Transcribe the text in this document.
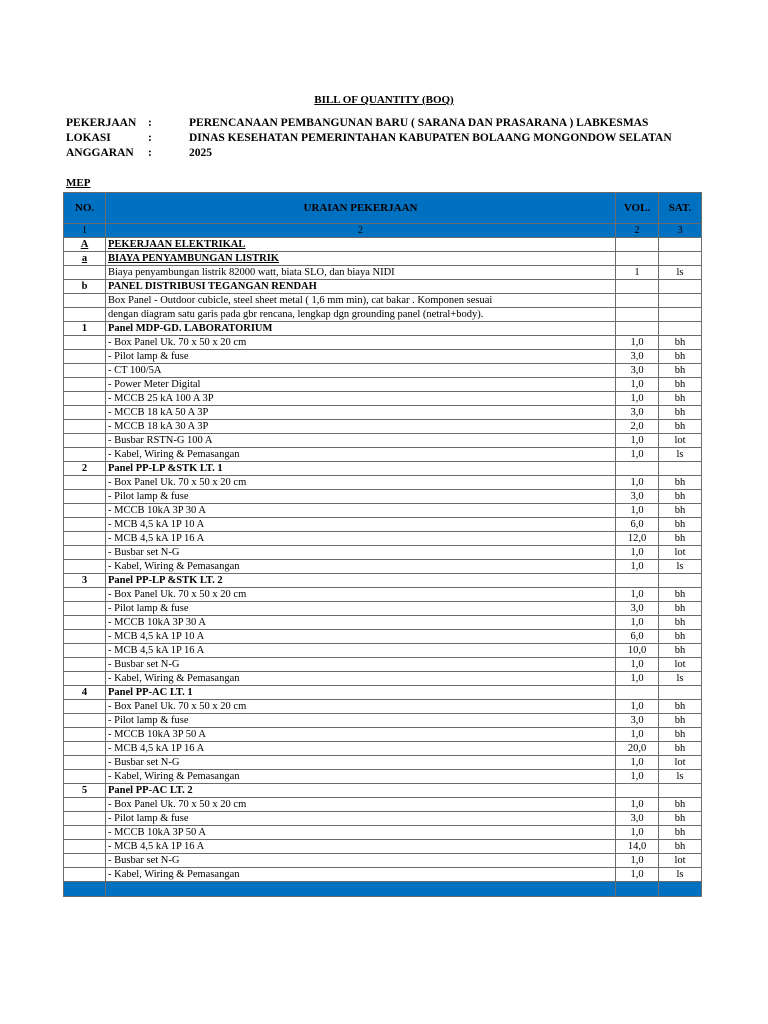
BILL OF QUANTITY (BOQ)
PEKERJAAN	:	PERENCANAAN PEMBANGUNAN BARU ( SARANA DAN PRASARANA ) LABKESMAS
LOKASI	:	DINAS KESEHATAN PEMERINTAHAN KABUPATEN BOLAANG MONGONDOW SELATAN
ANGGARAN	:	2025
MEP
NO.	URAIAN PEKERJAAN	VOL.	SAT.
1	2	2	3
A	PEKERJAAN ELEKTRIKAL		
a	BIAYA PENYAMBUNGAN LISTRIK		
	Biaya penyambungan listrik 82000 watt, biata SLO, dan biaya NIDI	1	ls
b	PANEL DISTRIBUSI TEGANGAN RENDAH		
	Box Panel - Outdoor cubicle, steel sheet metal ( 1,6 mm min), cat bakar . Komponen sesuai		
	dengan diagram satu garis pada gbr rencana, lengkap dgn grounding panel (netral+body).		
1	Panel MDP-GD. LABORATORIUM		
	- Box Panel Uk. 70 x 50 x 20 cm	1,0	bh
	- Pilot lamp & fuse	3,0	bh
	- CT 100/5A	3,0	bh
	- Power Meter Digital	1,0	bh
	- MCCB 25 kA 100 A 3P	1,0	bh
	- MCCB 18 kA 50 A 3P	3,0	bh
	- MCCB 18 kA 30 A 3P	2,0	bh
	- Busbar RSTN-G 100 A	1,0	lot
	- Kabel, Wiring & Pemasangan	1,0	ls
2	Panel PP-LP &STK LT. 1		
	- Box Panel Uk. 70 x 50 x 20 cm	1,0	bh
	- Pilot lamp & fuse	3,0	bh
	- MCCB 10kA 3P 30 A	1,0	bh
	- MCB 4,5 kA 1P 10 A	6,0	bh
	- MCB 4,5 kA 1P 16 A	12,0	bh
	- Busbar set N-G	1,0	lot
	- Kabel, Wiring & Pemasangan	1,0	ls
3	Panel PP-LP &STK LT. 2		
	- Box Panel Uk. 70 x 50 x 20 cm	1,0	bh
	- Pilot lamp & fuse	3,0	bh
	- MCCB 10kA 3P 30 A	1,0	bh
	- MCB 4,5 kA 1P 10 A	6,0	bh
	- MCB 4,5 kA 1P 16 A	10,0	bh
	- Busbar set N-G	1,0	lot
	- Kabel, Wiring & Pemasangan	1,0	ls
4	Panel PP-AC LT. 1		
	- Box Panel Uk. 70 x 50 x 20 cm	1,0	bh
	- Pilot lamp & fuse	3,0	bh
	- MCCB 10kA 3P 50 A	1,0	bh
	- MCB 4,5 kA 1P 16 A	20,0	bh
	- Busbar set N-G	1,0	lot
	- Kabel, Wiring & Pemasangan	1,0	ls
5	Panel PP-AC LT. 2		
	- Box Panel Uk. 70 x 50 x 20 cm	1,0	bh
	- Pilot lamp & fuse	3,0	bh
	- MCCB 10kA 3P 50 A	1,0	bh
	- MCB 4,5 kA 1P 16 A	14,0	bh
	- Busbar set N-G	1,0	lot
	- Kabel, Wiring & Pemasangan	1,0	ls
